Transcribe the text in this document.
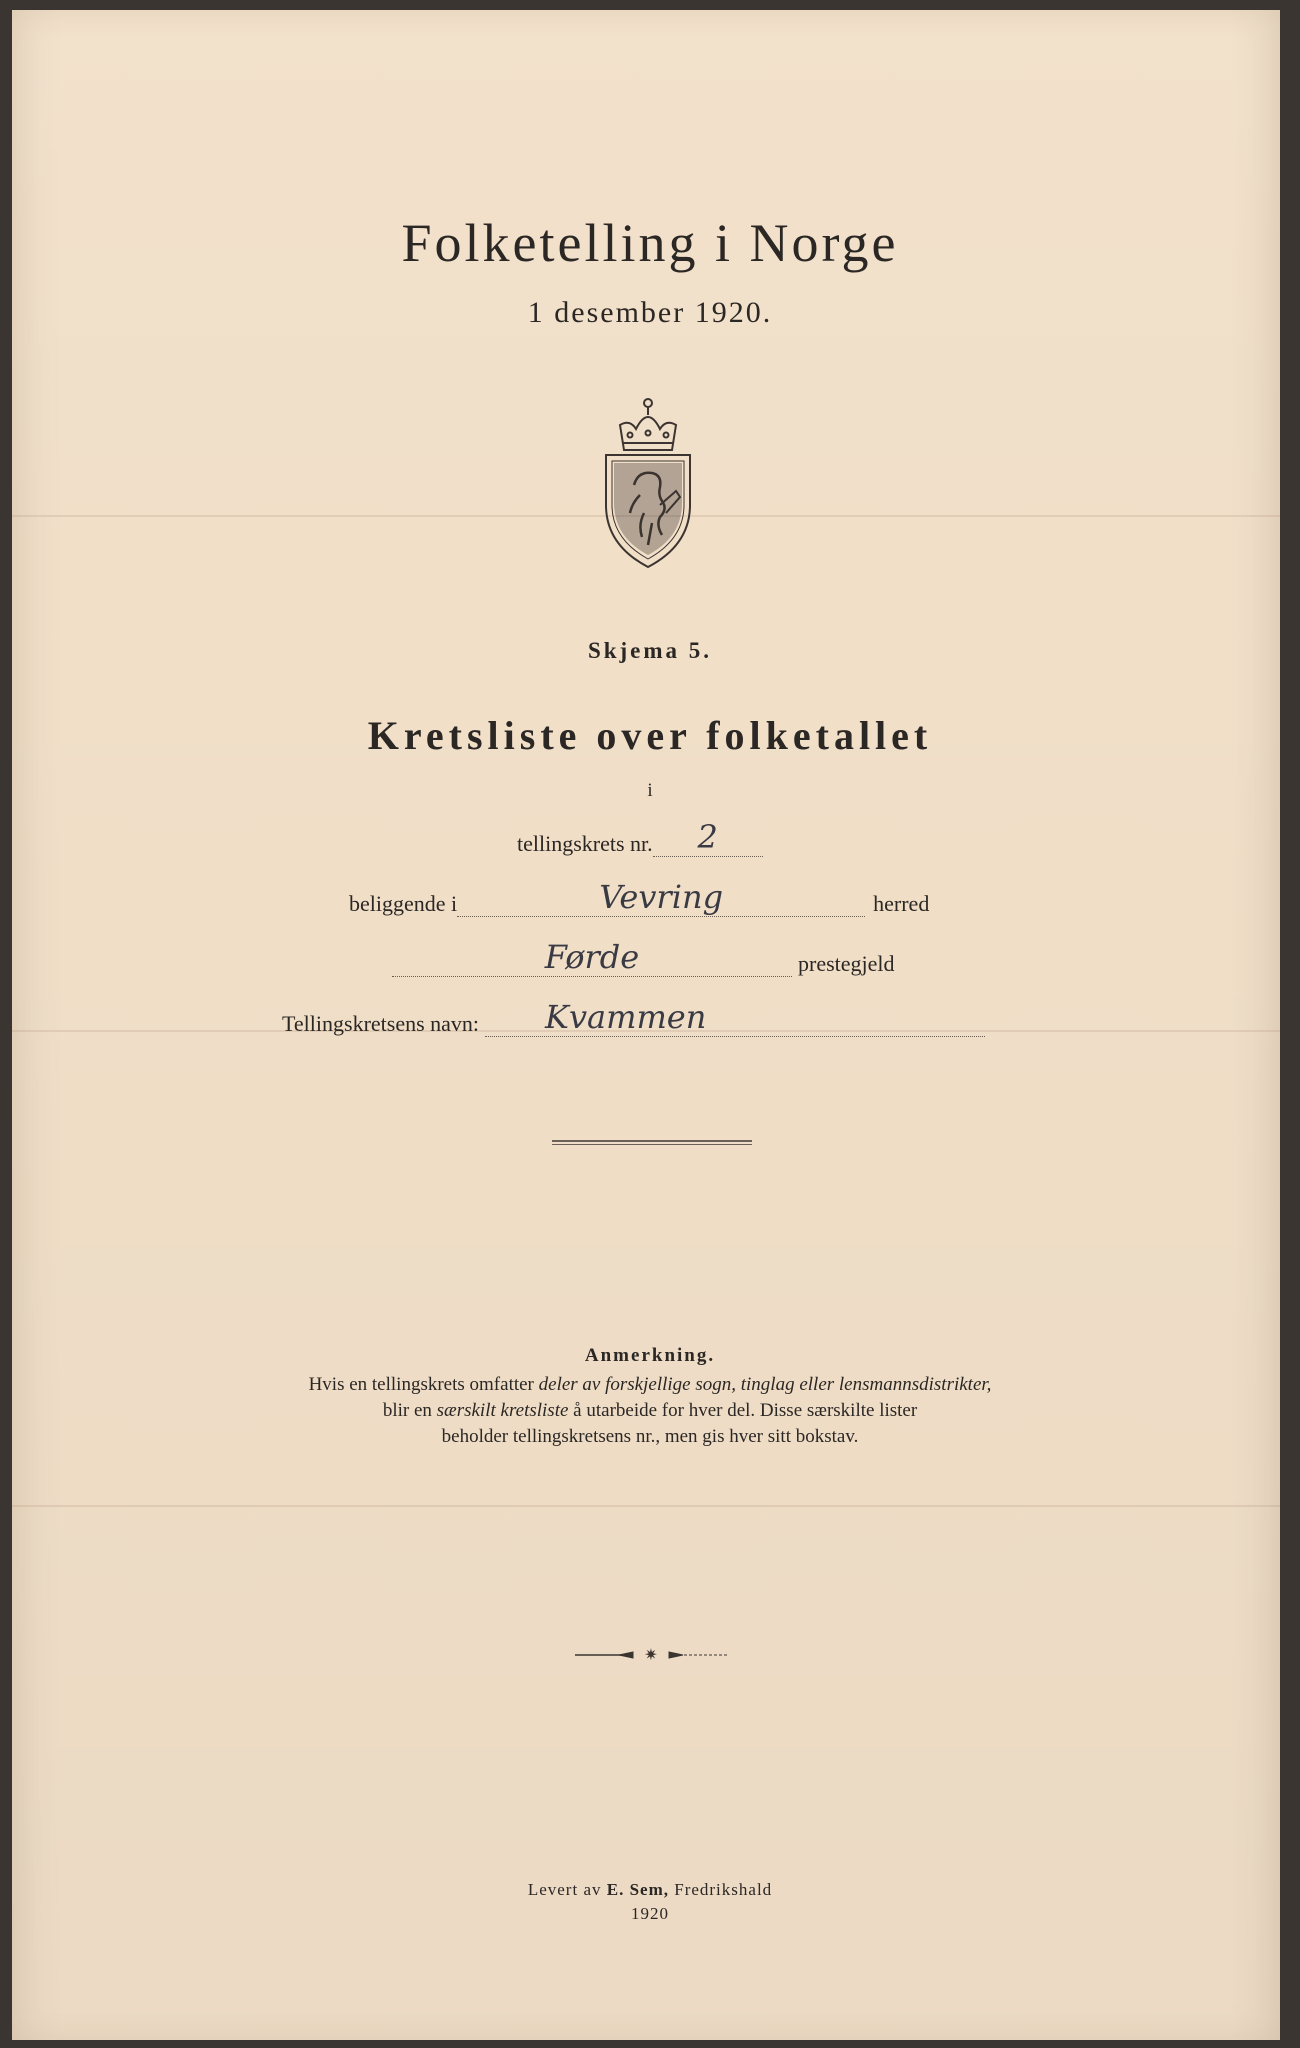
Folketelling i Norge
1 desember 1920.
Skjema 5.
Kretsliste over folketallet
i
tellingskrets nr.	2
beliggende i	Vevring	herred
Førde	prestegjeld
Tellingskretsens navn:	Kvammen
Anmerkning.
Hvis en tellingskrets omfatter deler av forskjellige sogn, tinglag eller lensmannsdistrikter,
blir en særskilt kretsliste å utarbeide for hver del. Disse særskilte lister
beholder tellingskretsens nr., men gis hver sitt bokstav.
✷
Levert av E. Sem, Fredrikshald
1920
